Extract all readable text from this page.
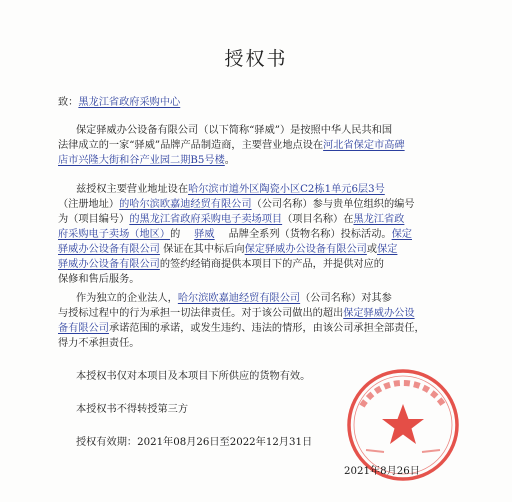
授权书
致：黑龙江省政府采购中心
保定驿威办公设备有限公司（以下简称“驿威”）是按照中华人民共和国
法律成立的一家“驿威”品牌产品制造商，主要营业地点设在河北省保定市高碑
店市兴隆大街和谷产业园二期B5号楼。
兹授权主要营业地址设在哈尔滨市道外区陶瓷小区C2栋1单元6层3号
（注册地址）的哈尔滨欧嘉迪经贸有限公司（公司名称）参与贵单位组织的编号
为（项目编号）的黑龙江省政府采购电子卖场项目（项目名称）在黑龙江省政
府采购电子卖场（地区）的 驿威 品牌全系列（货物名称）投标活动。保定
驿威办公设备有限公司 保证在其中标后向保定驿威办公设备有限公司或保定
驿威办公设备有限公司的签约经销商提供本项目下的产品，并提供对应的
保修和售后服务。
作为独立的企业法人，哈尔滨欧嘉迪经贸有限公司（公司名称）对其参
与授标过程中的行为承担一切法律责任。对于该公司做出的超出保定驿威办公设
备有限公司承诺范围的承诺，或发生违约、违法的情形，由该公司承担全部责任，
得力不承担责任。
本授权书仅对本项目及本项目下所供应的货物有效。
本授权书不得转授第三方
授权有效期：2021年08月26日至2022年12月31日
2021年8月26日
